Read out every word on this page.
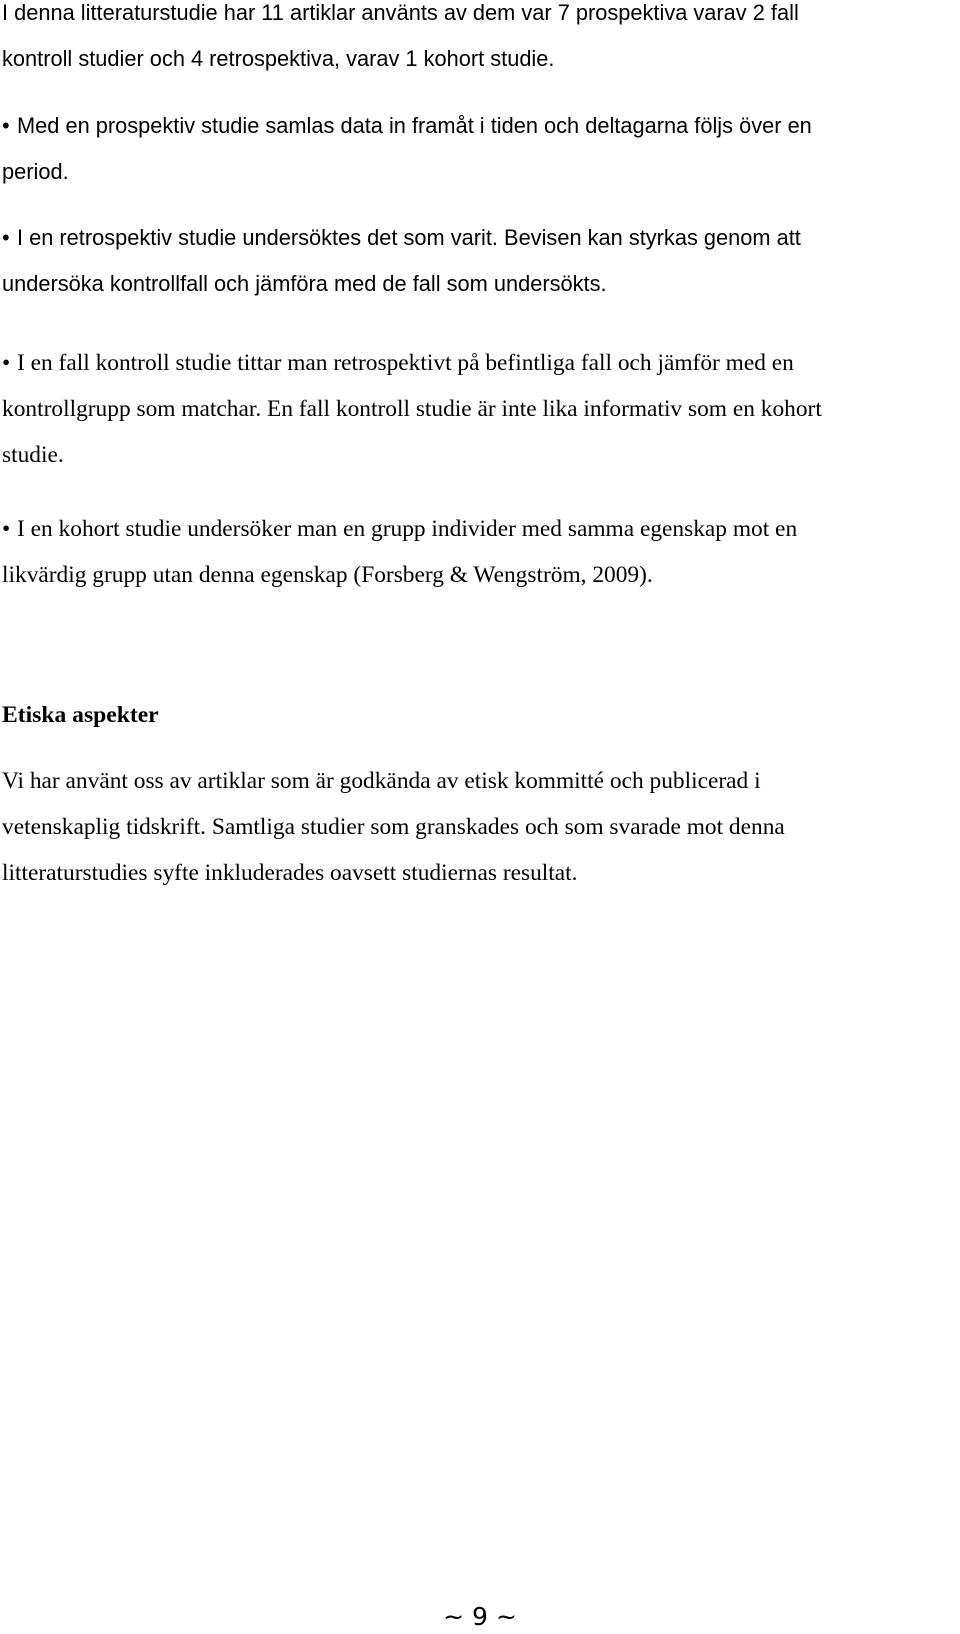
I denna litteraturstudie har 11 artiklar använts av dem var 7 prospektiva varav 2 fall
kontroll studier och 4 retrospektiva, varav 1 kohort studie.
• Med en prospektiv studie samlas data in framåt i tiden och deltagarna följs över en
period.
• I en retrospektiv studie undersöktes det som varit. Bevisen kan styrkas genom att
undersöka kontrollfall och jämföra med de fall som undersökts.
• I en fall kontroll studie tittar man retrospektivt på befintliga fall och jämför med en
kontrollgrupp som matchar. En fall kontroll studie är inte lika informativ som en kohort
studie.
• I en kohort studie undersöker man en grupp individer med samma egenskap mot en
likvärdig grupp utan denna egenskap (Forsberg & Wengström, 2009).
Etiska aspekter
Vi har använt oss av artiklar som är godkända av etisk kommitté och publicerad i
vetenskaplig tidskrift. Samtliga studier som granskades och som svarade mot denna
litteraturstudies syfte inkluderades oavsett studiernas resultat.
~ 9 ~
